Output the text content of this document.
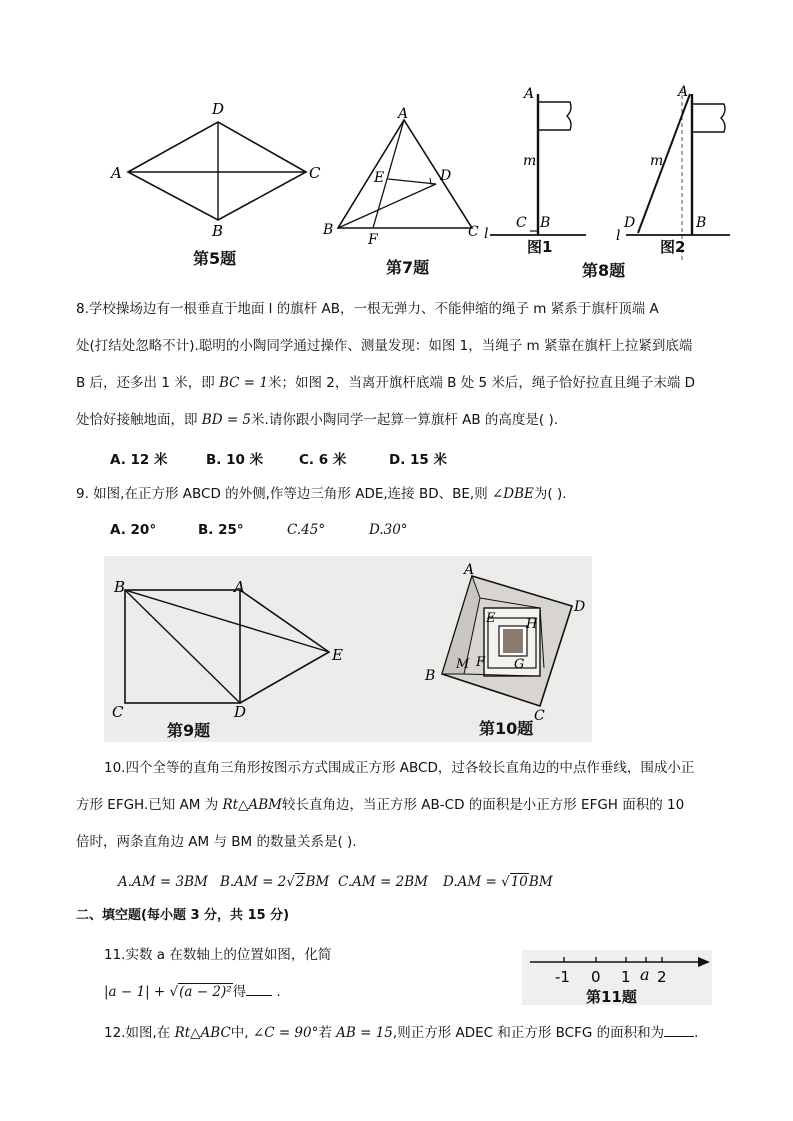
A
D
C
B
第5题
A
E	D
B
F	C
第7题
A
m
C B
l
A
m
D	B
l
图1	图2
第8题
8.学校操场边有一根垂直于地面 l 的旗杆 AB，一根无弹力、不能伸缩的绳子 m 紧系于旗杆顶端 A
处(打结处忽略不计).聪明的小陶同学通过操作、测量发现：如图 1，当绳子 m 紧靠在旗杆上拉紧到底端
B 后，还多出 1 米，即 BC = 1米；如图 2，当离开旗杆底端 B 处 5 米后，绳子恰好拉直且绳子末端 D
处恰好接触地面，即 BD = 5米.请你跟小陶同学一起算一算旗杆 AB 的高度是( ).
A. 12 米	B. 10 米	C. 6 米	D. 15 米
9. 如图,在正方形 ABCD 的外侧,作等边三角形 ADE,连接 BD、BE,则 ∠DBE为( ).
A. 20°	B. 25°	C.45°	D.30°
B	A
E
C	D
第9题
A
D
E H
M F G
B
C
第10题
10.四个全等的直角三角形按图示方式围成正方形 ABCD，过各较长直角边的中点作垂线，围成小正
方形 EFGH.已知 AM 为 Rt△ABM较长直角边，当正方形 AB-CD 的面积是小正方形 EFGH 面积的 10
倍时，两条直角边 AM 与 BM 的数量关系是( ).
A.AM = 3BM B.AM = 2√2BM C.AM = 2BM D.AM = √10BM
二、填空题(每小题 3 分，共 15 分)
11.实数 a 在数轴上的位置如图，化简
|a − 1| + √(a − 2)²得 .
-1 0 1 a 2
第11题
12.如图,在 Rt△ABC中, ∠C = 90°若 AB = 15,则正方形 ADEC 和正方形 BCFG 的面积和为 .
